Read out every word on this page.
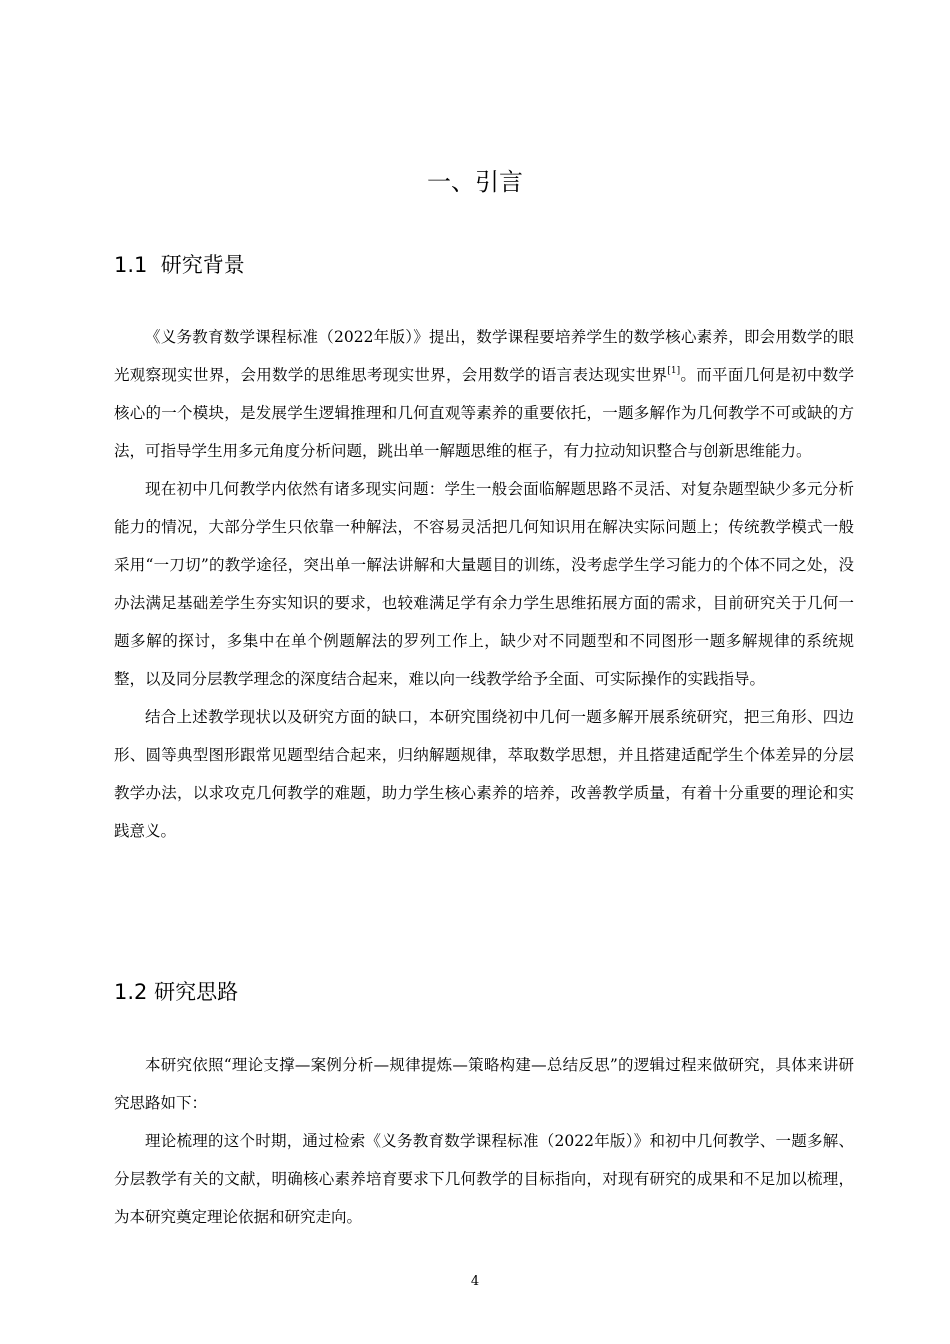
一、引言
1.1  研究背景

《义务教育数学课程标准（2022年版）》提出，数学课程要培养学生的数学核心素养，即会用数学的眼光观察现实世界，会用数学的思维思考现实世界，会用数学的语言表达现实世界[1]。而平面几何是初中数学核心的一个模块，是发展学生逻辑推理和几何直观等素养的重要依托，一题多解作为几何教学不可或缺的方法，可指导学生用多元角度分析问题，跳出单一解题思维的框子，有力拉动知识整合与创新思维能力。

现在初中几何教学内依然有诸多现实问题：学生一般会面临解题思路不灵活、对复杂题型缺少多元分析能力的情况，大部分学生只依靠一种解法，不容易灵活把几何知识用在解决实际问题上；传统教学模式一般采用“一刀切”的教学途径，突出单一解法讲解和大量题目的训练，没考虑学生学习能力的个体不同之处，没办法满足基础差学生夯实知识的要求，也较难满足学有余力学生思维拓展方面的需求，目前研究关于几何一题多解的探讨，多集中在单个例题解法的罗列工作上，缺少对不同题型和不同图形一题多解规律的系统规整，以及同分层教学理念的深度结合起来，难以向一线教学给予全面、可实际操作的实践指导。

结合上述教学现状以及研究方面的缺口，本研究围绕初中几何一题多解开展系统研究，把三角形、四边形、圆等典型图形跟常见题型结合起来，归纳解题规律，萃取数学思想，并且搭建适配学生个体差异的分层教学办法，以求攻克几何教学的难题，助力学生核心素养的培养，改善教学质量，有着十分重要的理论和实践意义。

1.2 研究思路

本研究依照“理论支撑—案例分析—规律提炼—策略构建—总结反思”的逻辑过程来做研究，具体来讲研究思路如下：

理论梳理的这个时期，通过检索《义务教育数学课程标准（2022年版）》和初中几何教学、一题多解、分层教学有关的文献，明确核心素养培育要求下几何教学的目标指向，对现有研究的成果和不足加以梳理，为本研究奠定理论依据和研究走向。

4
